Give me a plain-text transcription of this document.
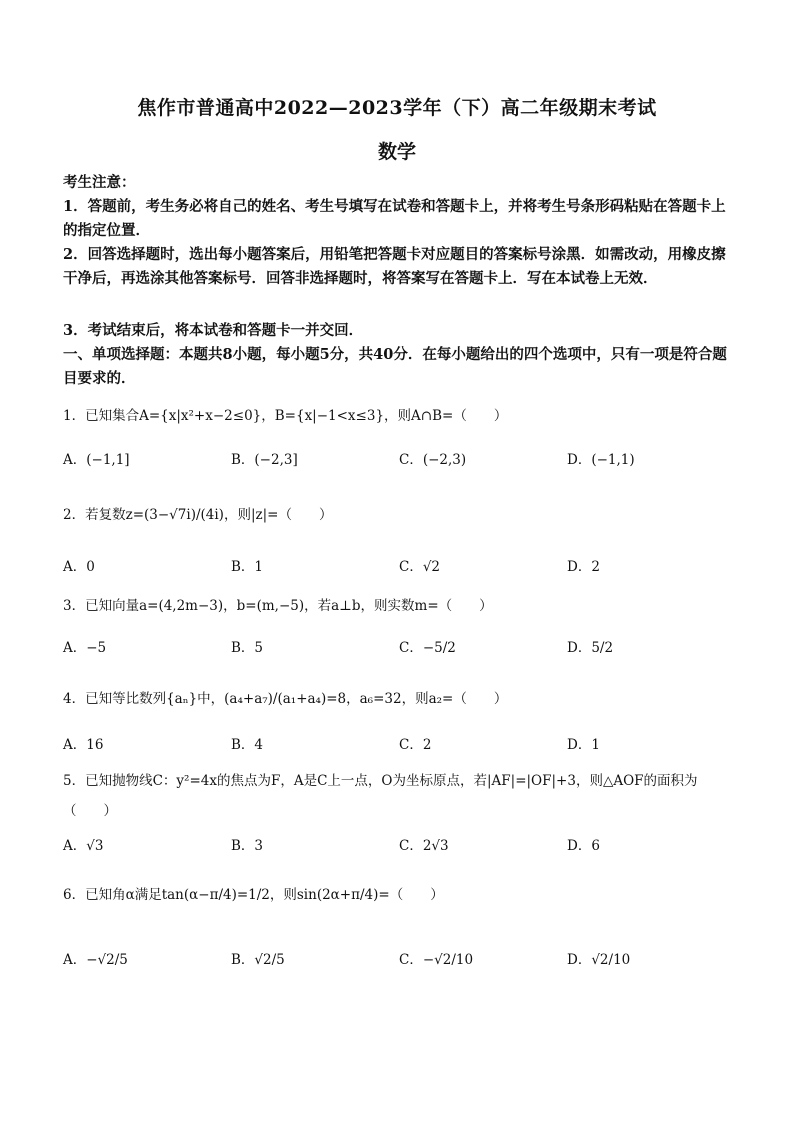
焦作市普通高中2022—2023学年（下）高二年级期末考试
数学
考生注意：
1．答题前，考生务必将自己的姓名、考生号填写在试卷和答题卡上，并将考生号条形码粘贴在答题卡上的指定位置．
2．回答选择题时，选出每小题答案后，用铅笔把答题卡对应题目的答案标号涂黑．如需改动，用橡皮擦干净后，再选涂其他答案标号．回答非选择题时，将答案写在答题卡上．写在本试卷上无效．
3．考试结束后，将本试卷和答题卡一并交回．
一、单项选择题：本题共8小题，每小题5分，共40分．在每小题给出的四个选项中，只有一项是符合题目要求的．
1．已知集合A={x|x²+x−2≤0}，B={x|−1<x≤3}，则A∩B=（　　）
A．(−1,1]	B．(−2,3]	C．(−2,3)	D．(−1,1)
2．若复数z=(3−√7i)/(4i)，则|z|=（　　）
A．0	B．1	C．√2	D．2
3．已知向量a=(4,2m−3)，b=(m,−5)，若a⊥b，则实数m=（　　）
A．−5	B．5	C．−5/2	D．5/2
4．已知等比数列{aₙ}中，(a₄+a₇)/(a₁+a₄)=8，a₆=32，则a₂=（　　）
A．16	B．4	C．2	D．1
5．已知抛物线C：y²=4x的焦点为F，A是C上一点，O为坐标原点，若|AF|=|OF|+3，则△AOF的面积为（　　）
A．√3	B．3	C．2√3	D．6
6．已知角α满足tan(α−π/4)=1/2，则sin(2α+π/4)=（　　）
A．−√2/5	B．√2/5	C．−√2/10	D．√2/10
